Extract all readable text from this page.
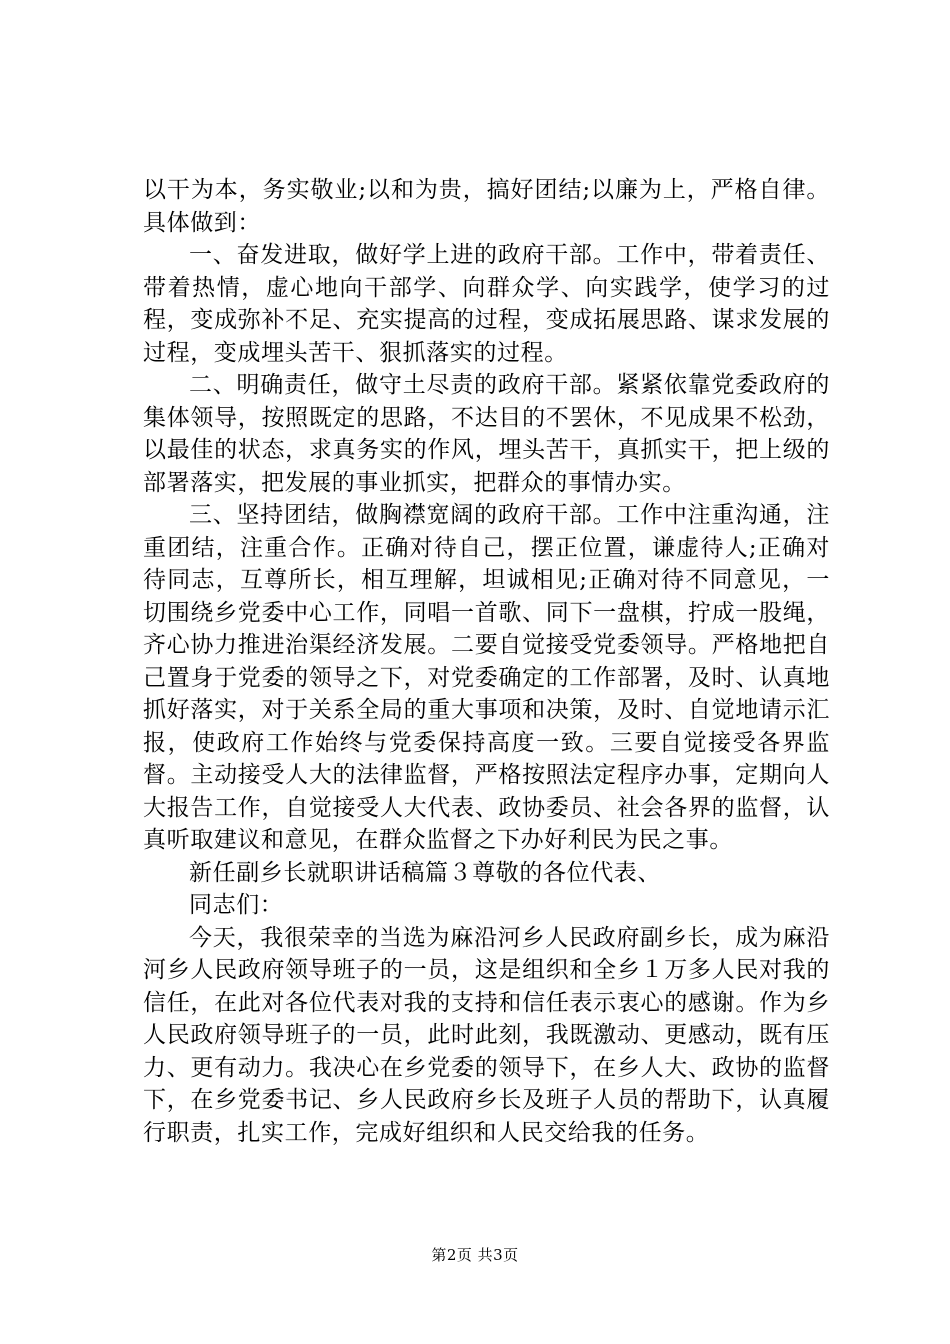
以干为本，务实敬业;以和为贵，搞好团结;以廉为上，严格自律。具体做到：

一、奋发进取，做好学上进的政府干部。工作中，带着责任、带着热情，虚心地向干部学、向群众学、向实践学，使学习的过程，变成弥补不足、充实提高的过程，变成拓展思路、谋求发展的过程，变成埋头苦干、狠抓落实的过程。

二、明确责任，做守土尽责的政府干部。紧紧依靠党委政府的集体领导，按照既定的思路，不达目的不罢休，不见成果不松劲，以最佳的状态，求真务实的作风，埋头苦干，真抓实干，把上级的部署落实，把发展的事业抓实，把群众的事情办实。

三、坚持团结，做胸襟宽阔的政府干部。工作中注重沟通，注重团结，注重合作。正确对待自己，摆正位置，谦虚待人;正确对待同志，互尊所长，相互理解，坦诚相见;正确对待不同意见，一切围绕乡党委中心工作，同唱一首歌、同下一盘棋，拧成一股绳，齐心协力推进治渠经济发展。二要自觉接受党委领导。严格地把自己置身于党委的领导之下，对党委确定的工作部署，及时、认真地抓好落实，对于关系全局的重大事项和决策，及时、自觉地请示汇报，使政府工作始终与党委保持高度一致。三要自觉接受各界监督。主动接受人大的法律监督，严格按照法定程序办事，定期向人大报告工作，自觉接受人大代表、政协委员、社会各界的监督，认真听取建议和意见，在群众监督之下办好利民为民之事。

新任副乡长就职讲话稿篇３尊敬的各位代表、

同志们：

今天，我很荣幸的当选为麻沿河乡人民政府副乡长，成为麻沿河乡人民政府领导班子的一员，这是组织和全乡１万多人民对我的信任，在此对各位代表对我的支持和信任表示衷心的感谢。作为乡人民政府领导班子的一员，此时此刻，我既激动、更感动，既有压力、更有动力。我决心在乡党委的领导下，在乡人大、政协的监督下，在乡党委书记、乡人民政府乡长及班子人员的帮助下，认真履行职责，扎实工作，完成好组织和人民交给我的任务。

第2页 共3页
